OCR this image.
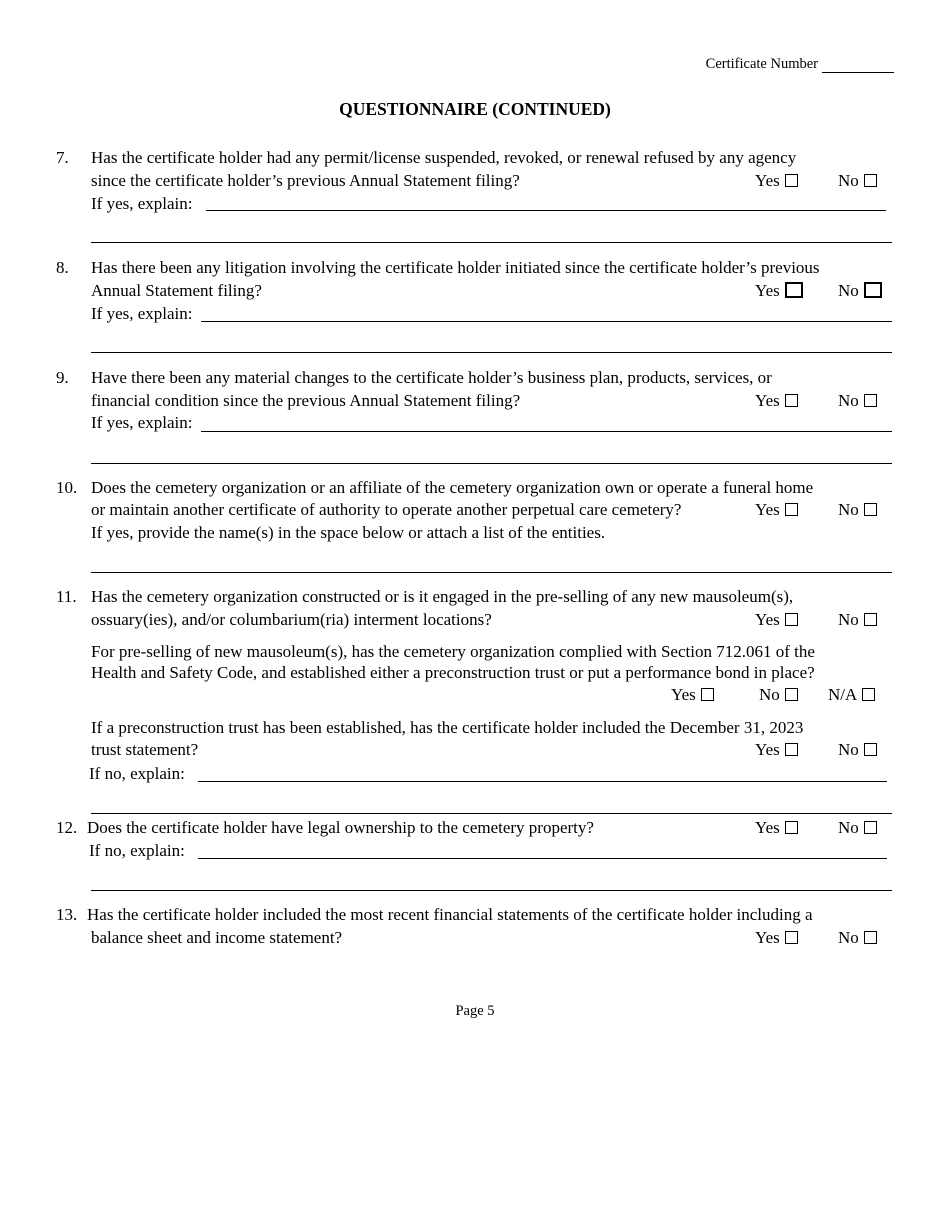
Certificate Number
QUESTIONNAIRE (CONTINUED)
7. Has the certificate holder had any permit/license suspended, revoked, or renewal refused by any agency
since the certificate holder’s previous Annual Statement filing?	Yes	No
If yes, explain:
8. Has there been any litigation involving the certificate holder initiated since the certificate holder’s previous
Annual Statement filing?	Yes	No
If yes, explain:
9. Have there been any material changes to the certificate holder’s business plan, products, services, or
financial condition since the previous Annual Statement filing?	Yes	No
If yes, explain:
10. Does the cemetery organization or an affiliate of the cemetery organization own or operate a funeral home
or maintain another certificate of authority to operate another perpetual care cemetery?	Yes	No
If yes, provide the name(s) in the space below or attach a list of the entities.
11. Has the cemetery organization constructed or is it engaged in the pre-selling of any new mausoleum(s),
ossuary(ies), and/or columbarium(ria) interment locations?	Yes	No
For pre-selling of new mausoleum(s), has the cemetery organization complied with Section 712.061 of the
Health and Safety Code, and established either a preconstruction trust or put a performance bond in place?
Yes	No	N/A
If a preconstruction trust has been established, has the certificate holder included the December 31, 2023
trust statement?	Yes	No
If no, explain:
12. Does the certificate holder have legal ownership to the cemetery property?	Yes	No
If no, explain:
13. Has the certificate holder included the most recent financial statements of the certificate holder including a
balance sheet and income statement?	Yes	No
Page 5
